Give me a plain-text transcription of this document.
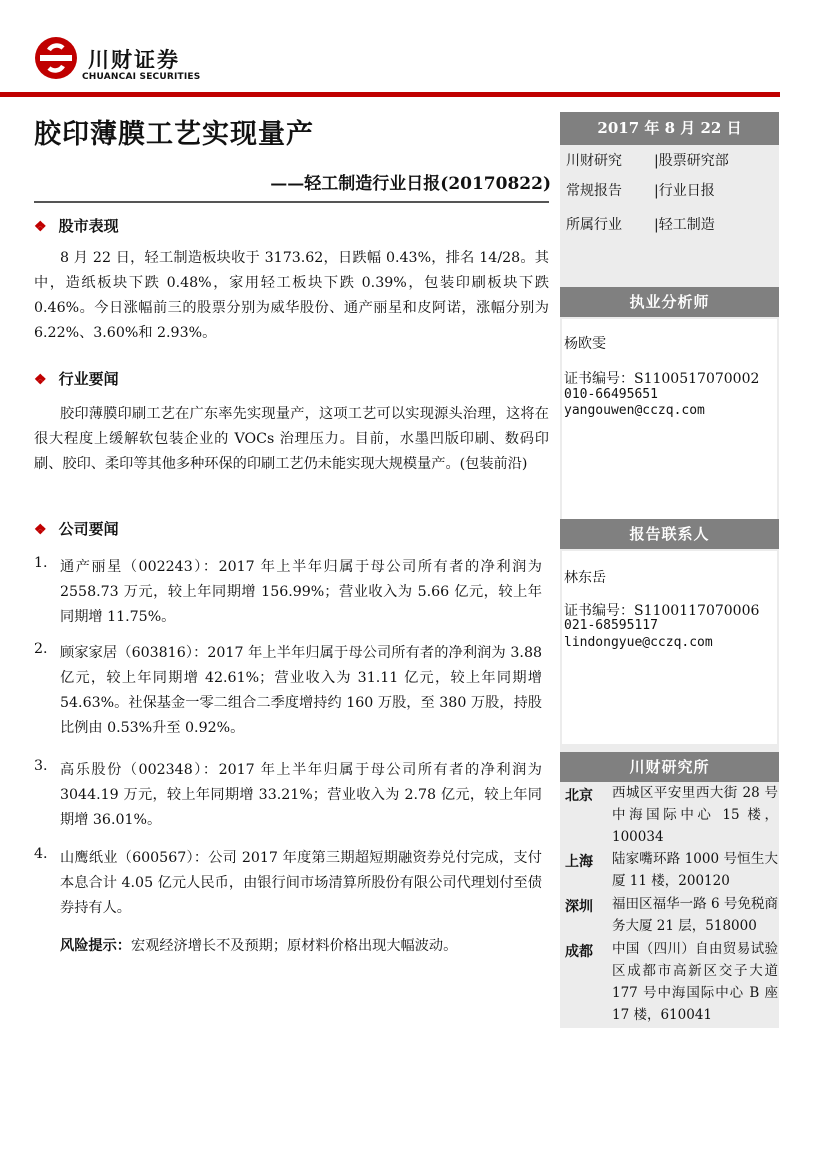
川财证券
CHUANCAI SECURITIES
胶印薄膜工艺实现量产
——轻工制造行业日报(20170822)
2017 年 8 月 22 日
川财研究 |股票研究部
常规报告 |行业日报
所属行业 |轻工制造
执业分析师
杨欧雯
证书编号：S1100517070002
010-66495651
yangouwen@cczq.com
报告联系人
林东岳
证书编号：S1100117070006
021-68595117
lindongyue@cczq.com
川财研究所
北京 西城区平安里西大街 28 号中海国际中心 15 楼，100034
上海 陆家嘴环路 1000 号恒生大厦 11 楼，200120
深圳 福田区福华一路 6 号免税商务大厦 21 层，518000
成都 中国（四川）自由贸易试验区成都市高新区交子大道 177 号中海国际中心 B 座 17 楼，610041
❖ 股市表现
8 月 22 日，轻工制造板块收于 3173.62，日跌幅 0.43%，排名 14/28。其中，造纸板块下跌 0.48%，家用轻工板块下跌 0.39%，包装印刷板块下跌 0.46%。今日涨幅前三的股票分别为威华股份、通产丽星和皮阿诺，涨幅分别为 6.22%、3.60%和 2.93%。
❖ 行业要闻
胶印薄膜印刷工艺在广东率先实现量产，这项工艺可以实现源头治理，这将在很大程度上缓解软包装企业的 VOCs 治理压力。目前，水墨凹版印刷、数码印刷、胶印、柔印等其他多种环保的印刷工艺仍未能实现大规模量产。(包装前沿)
❖ 公司要闻
1. 通产丽星（002243）：2017 年上半年归属于母公司所有者的净利润为 2558.73 万元，较上年同期增 156.99%；营业收入为 5.66 亿元，较上年同期增 11.75%。
2. 顾家家居（603816）：2017 年上半年归属于母公司所有者的净利润为 3.88 亿元，较上年同期增 42.61%；营业收入为 31.11 亿元，较上年同期增 54.63%。社保基金一零二组合二季度增持约 160 万股，至 380 万股，持股比例由 0.53%升至 0.92%。
3. 高乐股份（002348）：2017 年上半年归属于母公司所有者的净利润为 3044.19 万元，较上年同期增 33.21%；营业收入为 2.78 亿元，较上年同期增 36.01%。
4. 山鹰纸业（600567）：公司 2017 年度第三期超短期融资券兑付完成，支付本息合计 4.05 亿元人民币，由银行间市场清算所股份有限公司代理划付至债券持有人。
风险提示：宏观经济增长不及预期；原材料价格出现大幅波动。
